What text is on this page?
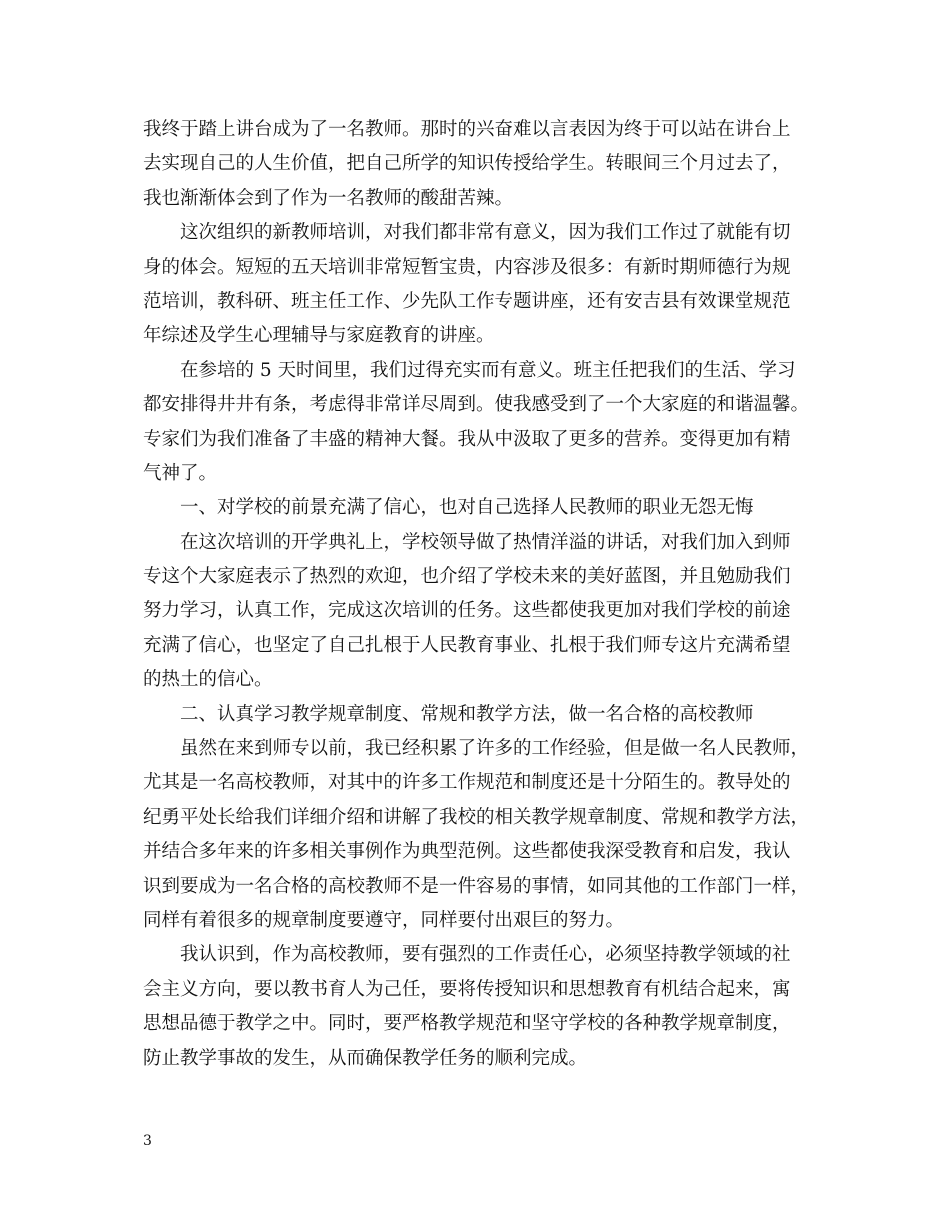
我终于踏上讲台成为了一名教师。那时的兴奋难以言表因为终于可以站在讲台上
去实现自己的人生价值，把自己所学的知识传授给学生。转眼间三个月过去了，
我也渐渐体会到了作为一名教师的酸甜苦辣。
这次组织的新教师培训，对我们都非常有意义，因为我们工作过了就能有切
身的体会。短短的五天培训非常短暂宝贵，内容涉及很多：有新时期师德行为规
范培训，教科研、班主任工作、少先队工作专题讲座，还有安吉县有效课堂规范
年综述及学生心理辅导与家庭教育的讲座。
在参培的 5 天时间里，我们过得充实而有意义。班主任把我们的生活、学习
都安排得井井有条，考虑得非常详尽周到。使我感受到了一个大家庭的和谐温馨。
专家们为我们准备了丰盛的精神大餐。我从中汲取了更多的营养。变得更加有精
气神了。
一、对学校的前景充满了信心，也对自己选择人民教师的职业无怨无悔
在这次培训的开学典礼上，学校领导做了热情洋溢的讲话，对我们加入到师
专这个大家庭表示了热烈的欢迎，也介绍了学校未来的美好蓝图，并且勉励我们
努力学习，认真工作，完成这次培训的任务。这些都使我更加对我们学校的前途
充满了信心，也坚定了自己扎根于人民教育事业、扎根于我们师专这片充满希望
的热土的信心。
二、认真学习教学规章制度、常规和教学方法，做一名合格的高校教师
虽然在来到师专以前，我已经积累了许多的工作经验，但是做一名人民教师，
尤其是一名高校教师，对其中的许多工作规范和制度还是十分陌生的。教导处的
纪勇平处长给我们详细介绍和讲解了我校的相关教学规章制度、常规和教学方法，
并结合多年来的许多相关事例作为典型范例。这些都使我深受教育和启发，我认
识到要成为一名合格的高校教师不是一件容易的事情，如同其他的工作部门一样，
同样有着很多的规章制度要遵守，同样要付出艰巨的努力。
我认识到，作为高校教师，要有强烈的工作责任心，必须坚持教学领域的社
会主义方向，要以教书育人为己任，要将传授知识和思想教育有机结合起来，寓
思想品德于教学之中。同时，要严格教学规范和坚守学校的各种教学规章制度，
防止教学事故的发生，从而确保教学任务的顺利完成。
3
